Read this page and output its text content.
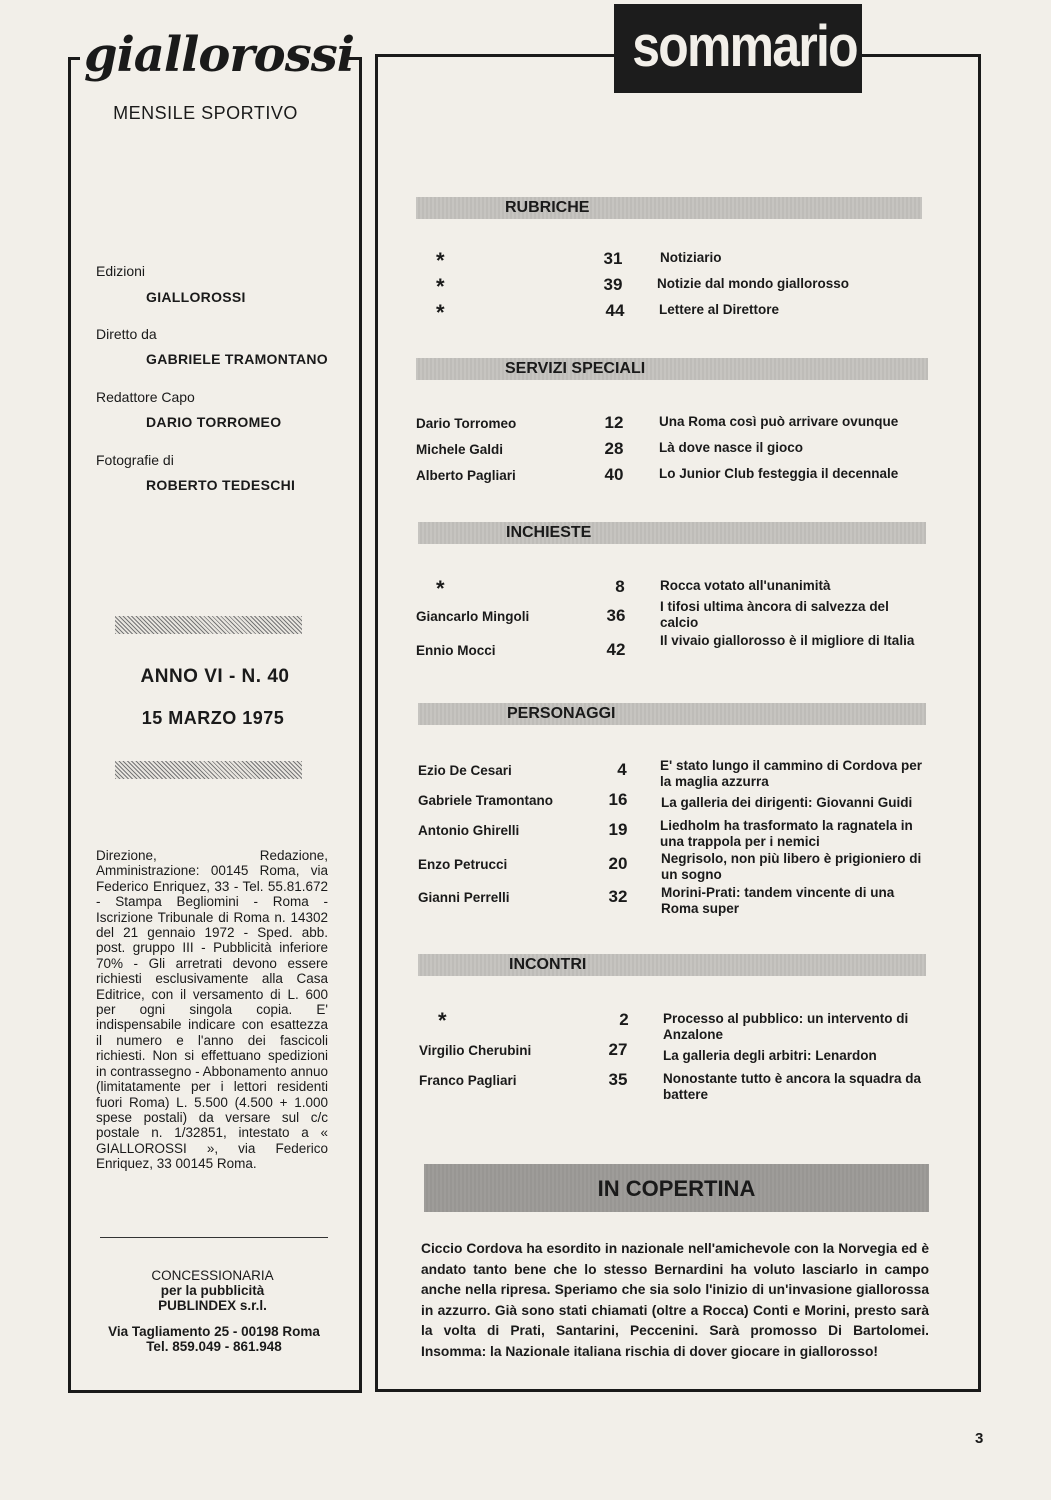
giallorossi
MENSILE SPORTIVO
Edizioni
GIALLOROSSI
Diretto da
GABRIELE TRAMONTANO
Redattore Capo
DARIO TORROMEO
Fotografie di
ROBERTO TEDESCHI
ANNO VI - N. 40
15 MARZO 1975
Direzione, Redazione, Amministrazione: 00145 Roma, via Federico Enriquez, 33 - Tel. 55.81.672 - Stampa Begliomini - Roma - Iscrizione Tribunale di Roma n. 14302 del 21 gennaio 1972 - Sped. abb. post. gruppo III - Pubblicità inferiore 70% - Gli arretrati devono essere richiesti esclusivamente alla Casa Editrice, con il versamento di L. 600 per ogni singola copia. E' indispensabile indicare con esattezza il numero e l'anno dei fascicoli richiesti. Non si effettuano spedizioni in contrassegno - Abbonamento annuo (limitatamente per i lettori residenti fuori Roma) L. 5.500 (4.500 + 1.000 spese postali) da versare sul c/c postale n. 1/32851, intestato a « GIALLOROSSI », via Federico Enriquez, 33 00145 Roma.
CONCESSIONARIA
per la pubblicità
PUBLINDEX s.r.l.
Via Tagliamento 25 - 00198 Roma
Tel. 859.049 - 861.948
sommario
RUBRICHE
*	31	Notiziario
*	39	Notizie dal mondo giallorosso
*	44	Lettere al Direttore
SERVIZI SPECIALI
Dario Torromeo	12	Una Roma così può arrivare ovunque
Michele Galdi	28	Là dove nasce il gioco
Alberto Pagliari	40	Lo Junior Club festeggia il decennale
INCHIESTE
*	8	Rocca votato all'unanimità
Giancarlo Mingoli	36	I tifosi ultima àncora di salvezza del calcio
Ennio Mocci	42	Il vivaio giallorosso è il migliore di Italia
PERSONAGGI
Ezio De Cesari	4	E' stato lungo il cammino di Cordova per la maglia azzurra
Gabriele Tramontano	16	La galleria dei dirigenti: Giovanni Guidi
Antonio Ghirelli	19	Liedholm ha trasformato la ragnatela in una trappola per i nemici
Enzo Petrucci	20	Negrisolo, non più libero è prigioniero di un sogno
Gianni Perrelli	32	Morini-Prati: tandem vincente di una Roma super
INCONTRI
*	2	Processo al pubblico: un intervento di Anzalone
Virgilio Cherubini	27	La galleria degli arbitri: Lenardon
Franco Pagliari	35	Nonostante tutto è ancora la squadra da battere
IN COPERTINA
Ciccio Cordova ha esordito in nazionale nell'amichevole con la Norvegia ed è andato tanto bene che lo stesso Bernardini ha voluto lasciarlo in campo anche nella ripresa. Speriamo che sia solo l'inizio di un'invasione giallorossa in azzurro. Già sono stati chiamati (oltre a Rocca) Conti e Morini, presto sarà la volta di Prati, Santarini, Peccenini. Sarà promosso Di Bartolomei. Insomma: la Nazionale italiana rischia di dover giocare in giallorosso!
3
